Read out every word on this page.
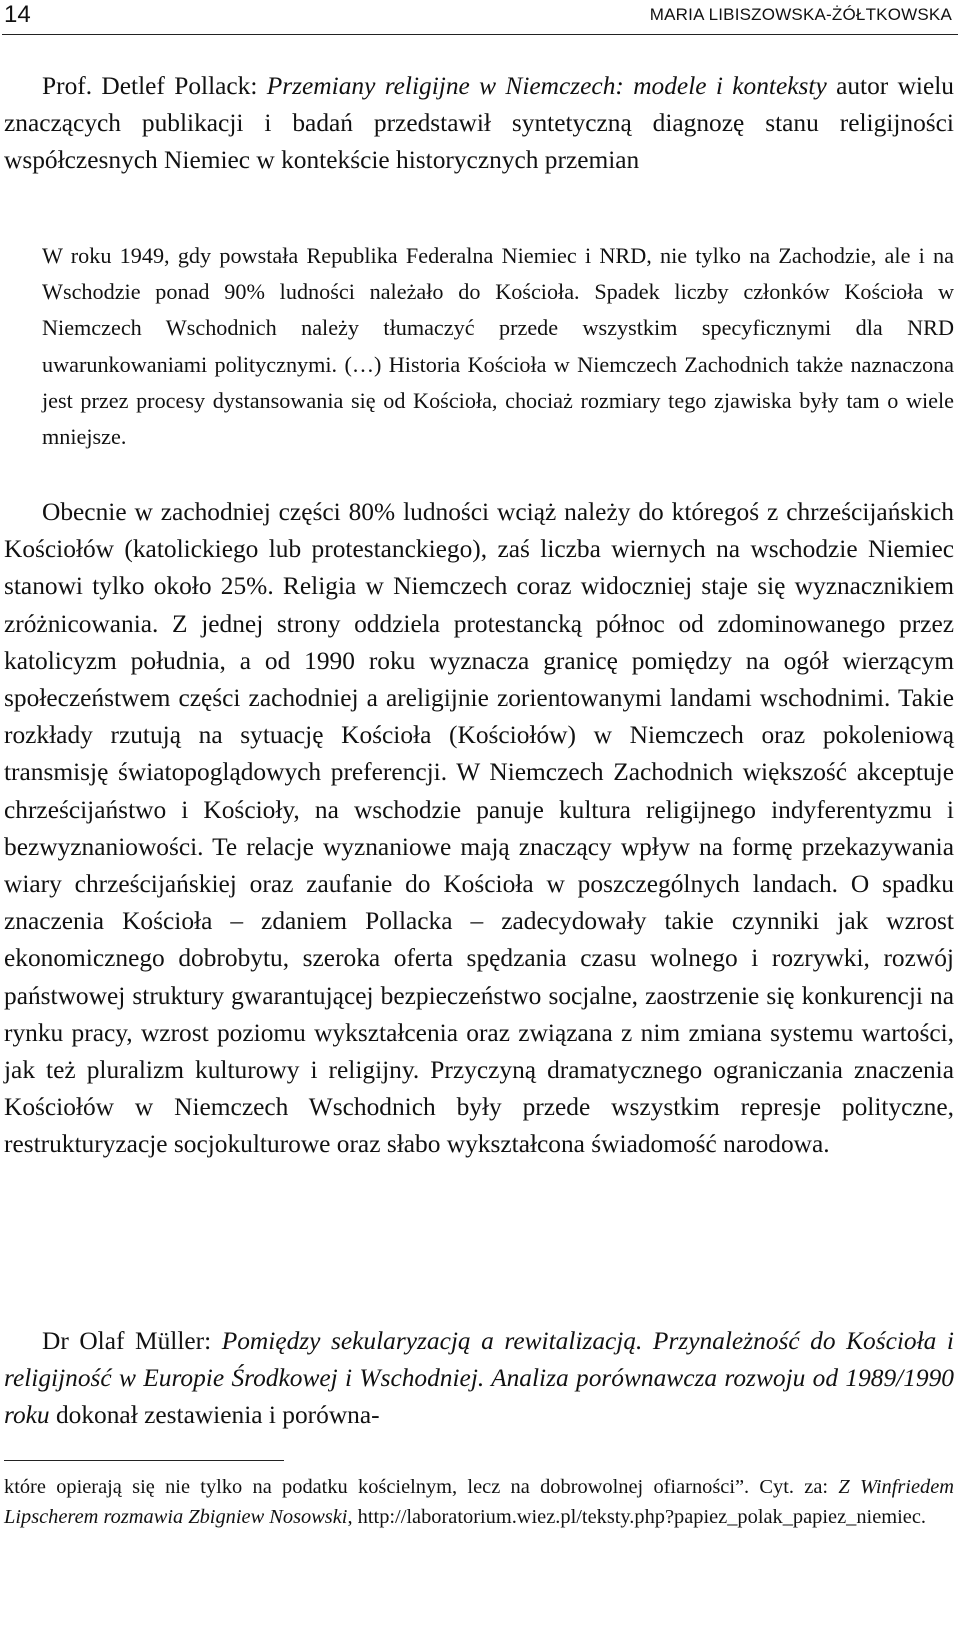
14	MARIA LIBISZOWSKA-ŻÓŁTKOWSKA

Prof. Detlef Pollack: Przemiany religijne w Niemczech: modele i konteksty autor wielu znaczących publikacji i badań przedstawił syntetyczną diagnozę stanu religijności współczesnych Niemiec w kontekście historycznych przemian

W roku 1949, gdy powstała Republika Federalna Niemiec i NRD, nie tylko na Zachodzie, ale i na Wschodzie ponad 90% ludności należało do Kościoła. Spadek liczby członków Kościoła w Niemczech Wschodnich należy tłumaczyć przede wszystkim specyficznymi dla NRD uwarunkowaniami politycznymi. (…) Historia Kościoła w Niemczech Zachodnich także naznaczona jest przez procesy dystansowania się od Kościoła, chociaż rozmiary tego zjawiska były tam o wiele mniejsze.

Obecnie w zachodniej części 80% ludności wciąż należy do któregoś z chrześcijańskich Kościołów (katolickiego lub protestanckiego), zaś liczba wiernych na wschodzie Niemiec stanowi tylko około 25%. Religia w Niemczech coraz widoczniej staje się wyznacznikiem zróżnicowania. Z jednej strony oddziela protestancką północ od zdominowanego przez katolicyzm południa, a od 1990 roku wyznacza granicę pomiędzy na ogół wierzącym społeczeństwem części zachodniej a areligijnie zorientowanymi landami wschodnimi. Takie rozkłady rzutują na sytuację Kościoła (Kościołów) w Niemczech oraz pokoleniową transmisję światopoglądowych preferencji. W Niemczech Zachodnich większość akceptuje chrześcijaństwo i Kościoły, na wschodzie panuje kultura religijnego indyferentyzmu i bezwyznaniowości. Te relacje wyznaniowe mają znaczący wpływ na formę przekazywania wiary chrześcijańskiej oraz zaufanie do Kościoła w poszczególnych landach. O spadku znaczenia Kościoła – zdaniem Pollacka – zadecydowały takie czynniki jak wzrost ekonomicznego dobrobytu, szeroka oferta spędzania czasu wolnego i rozrywki, rozwój państwowej struktury gwarantującej bezpieczeństwo socjalne, zaostrzenie się konkurencji na rynku pracy, wzrost poziomu wykształcenia oraz związana z nim zmiana systemu wartości, jak też pluralizm kulturowy i religijny. Przyczyną dramatycznego ograniczania znaczenia Kościołów w Niemczech Wschodnich były przede wszystkim represje polityczne, restrukturyzacje socjokulturowe oraz słabo wykształcona świadomość narodowa.

Dr Olaf Müller: Pomiędzy sekularyzacją a rewitalizacją. Przynależność do Kościoła i religijność w Europie Środkowej i Wschodniej. Analiza porównawcza rozwoju od 1989/1990 roku dokonał zestawienia i porówna-

które opierają się nie tylko na podatku kościelnym, lecz na dobrowolnej ofiarności”. Cyt. za: Z Winfriedem Lipscherem rozmawia Zbigniew Nosowski, http://laboratorium.wiez.pl/teksty.php?papiez_polak_papiez_niemiec.
